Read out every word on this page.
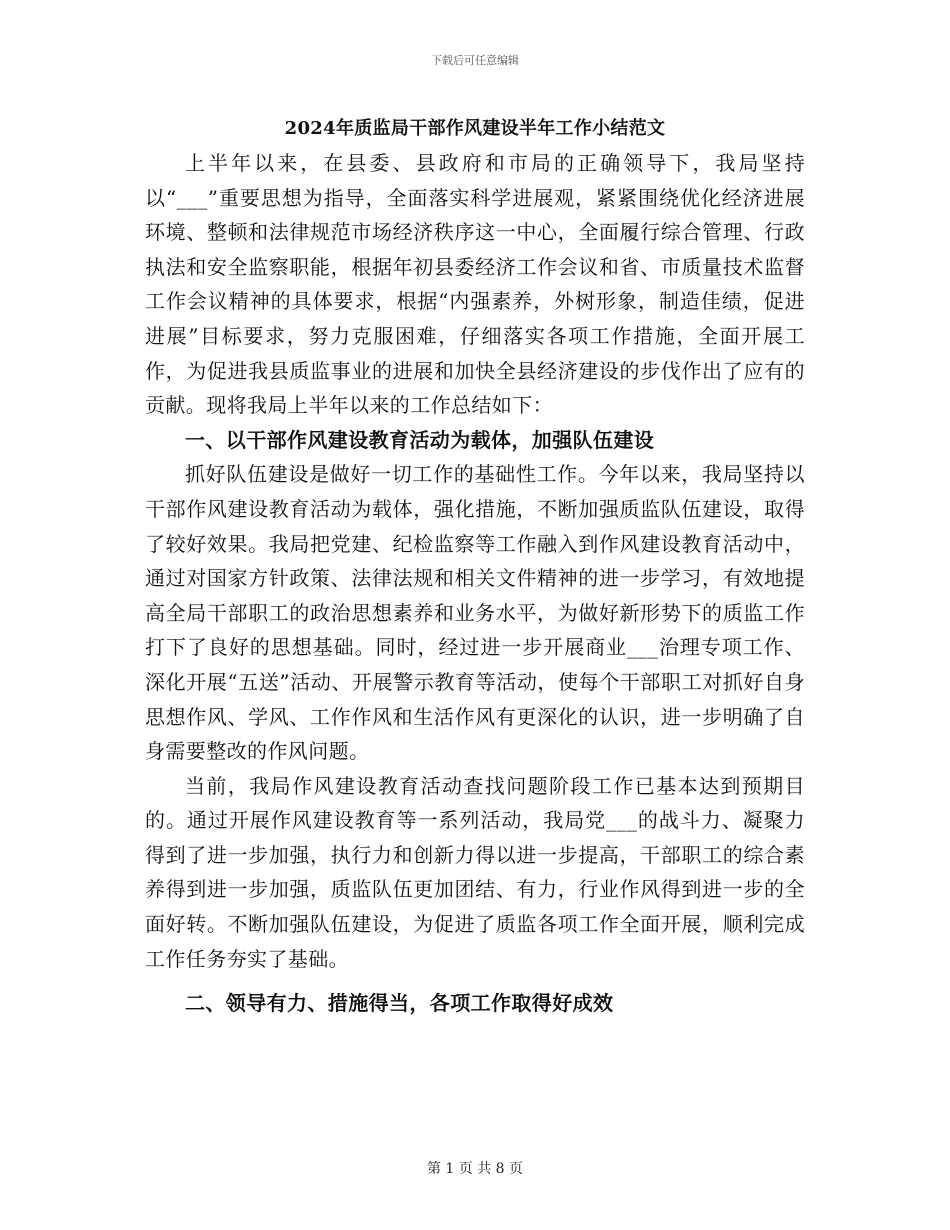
下载后可任意编辑
2024年质监局干部作风建设半年工作小结范文

上半年以来，在县委、县政府和市局的正确领导下，我局坚持以“___”重要思想为指导，全面落实科学进展观，紧紧围绕优化经济进展环境、整顿和法律规范市场经济秩序这一中心，全面履行综合管理、行政执法和安全监察职能，根据年初县委经济工作会议和省、市质量技术监督工作会议精神的具体要求，根据“内强素养，外树形象，制造佳绩，促进进展”目标要求，努力克服困难，仔细落实各项工作措施，全面开展工作，为促进我县质监事业的进展和加快全县经济建设的步伐作出了应有的贡献。现将我局上半年以来的工作总结如下：

一、以干部作风建设教育活动为载体，加强队伍建设

抓好队伍建设是做好一切工作的基础性工作。今年以来，我局坚持以干部作风建设教育活动为载体，强化措施，不断加强质监队伍建设，取得了较好效果。我局把党建、纪检监察等工作融入到作风建设教育活动中，通过对国家方针政策、法律法规和相关文件精神的进一步学习，有效地提高全局干部职工的政治思想素养和业务水平，为做好新形势下的质监工作打下了良好的思想基础。同时，经过进一步开展商业___治理专项工作、深化开展“五送”活动、开展警示教育等活动，使每个干部职工对抓好自身思想作风、学风、工作作风和生活作风有更深化的认识，进一步明确了自身需要整改的作风问题。

当前，我局作风建设教育活动查找问题阶段工作已基本达到预期目的。通过开展作风建设教育等一系列活动，我局党___的战斗力、凝聚力得到了进一步加强，执行力和创新力得以进一步提高，干部职工的综合素养得到进一步加强，质监队伍更加团结、有力，行业作风得到进一步的全面好转。不断加强队伍建设，为促进了质监各项工作全面开展，顺利完成工作任务夯实了基础。

二、领导有力、措施得当，各项工作取得好成效

第 1 页 共 8 页
